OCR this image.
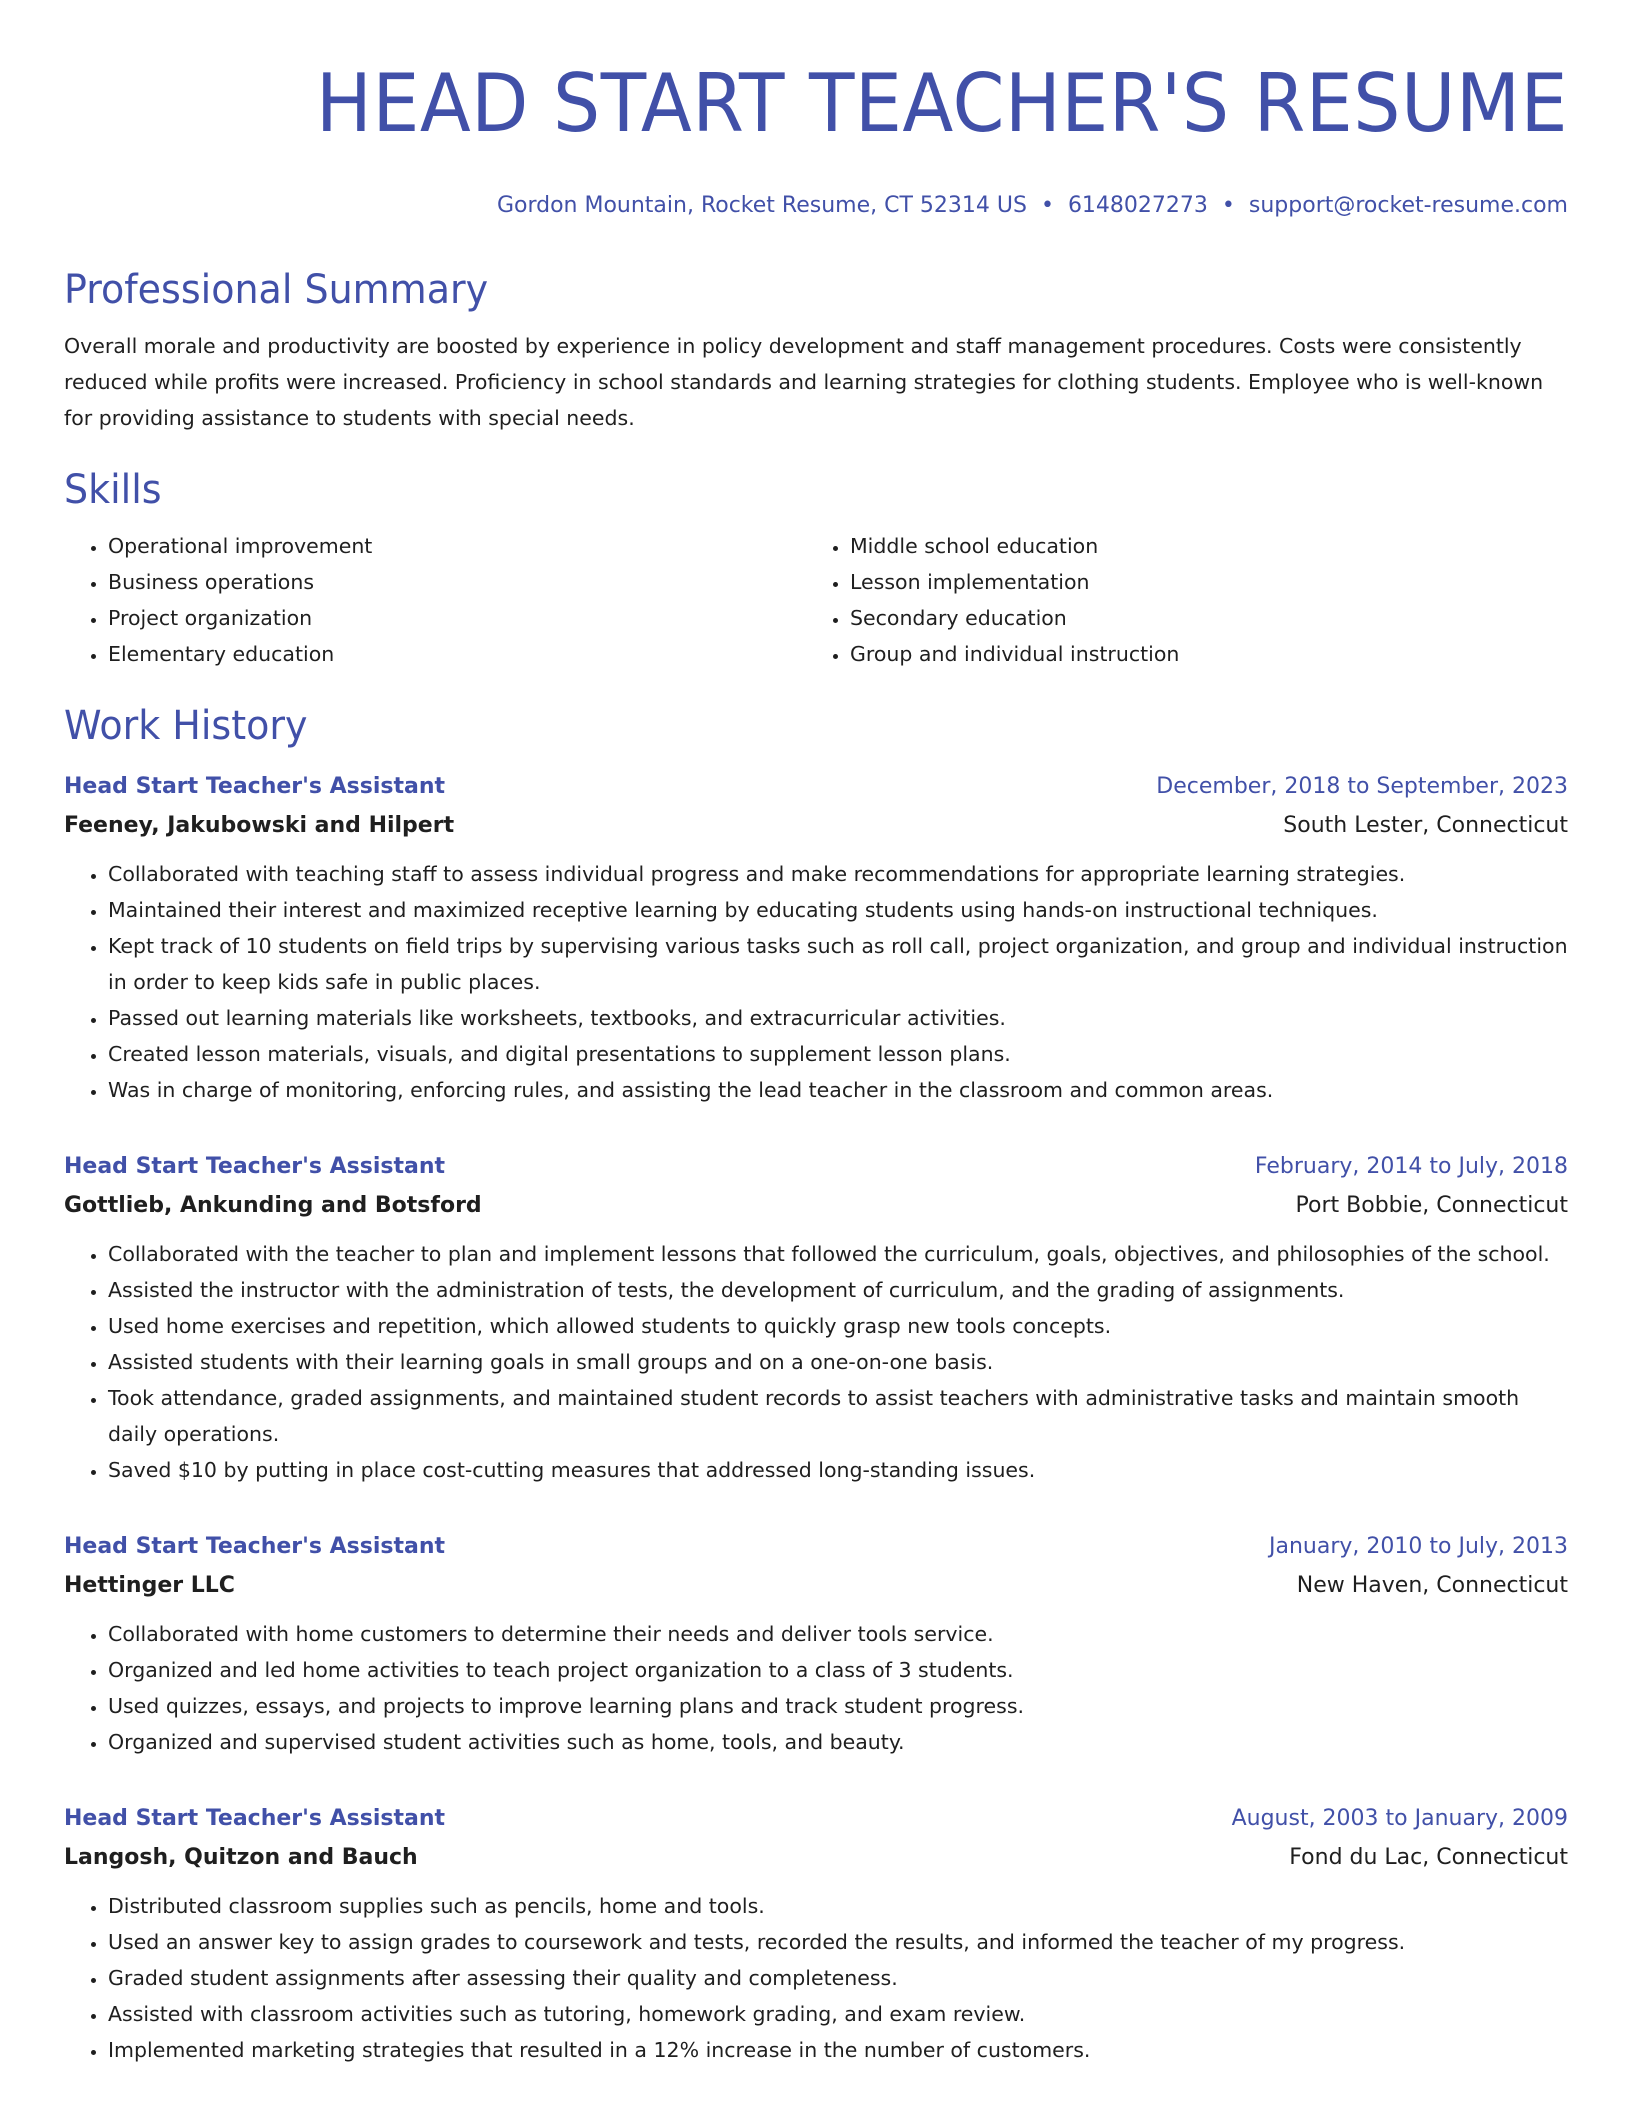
HEAD START TEACHER'S RESUME
Gordon Mountain, Rocket Resume, CT 52314 US • 6148027273 • support@rocket-resume.com
Professional Summary
Overall morale and productivity are boosted by experience in policy development and staff management procedures. Costs were consistently reduced while profits were increased. Proficiency in school standards and learning strategies for clothing students. Employee who is well-known for providing assistance to students with special needs.
Skills
• Operational improvement
• Business operations
• Project organization
• Elementary education
• Middle school education
• Lesson implementation
• Secondary education
• Group and individual instruction
Work History
Head Start Teacher's Assistant	December, 2018 to September, 2023
Feeney, Jakubowski and Hilpert	South Lester, Connecticut
• Collaborated with teaching staff to assess individual progress and make recommendations for appropriate learning strategies.
• Maintained their interest and maximized receptive learning by educating students using hands-on instructional techniques.
• Kept track of 10 students on field trips by supervising various tasks such as roll call, project organization, and group and individual instruction in order to keep kids safe in public places.
• Passed out learning materials like worksheets, textbooks, and extracurricular activities.
• Created lesson materials, visuals, and digital presentations to supplement lesson plans.
• Was in charge of monitoring, enforcing rules, and assisting the lead teacher in the classroom and common areas.
Head Start Teacher's Assistant	February, 2014 to July, 2018
Gottlieb, Ankunding and Botsford	Port Bobbie, Connecticut
• Collaborated with the teacher to plan and implement lessons that followed the curriculum, goals, objectives, and philosophies of the school.
• Assisted the instructor with the administration of tests, the development of curriculum, and the grading of assignments.
• Used home exercises and repetition, which allowed students to quickly grasp new tools concepts.
• Assisted students with their learning goals in small groups and on a one-on-one basis.
• Took attendance, graded assignments, and maintained student records to assist teachers with administrative tasks and maintain smooth daily operations.
• Saved $10 by putting in place cost-cutting measures that addressed long-standing issues.
Head Start Teacher's Assistant	January, 2010 to July, 2013
Hettinger LLC	New Haven, Connecticut
• Collaborated with home customers to determine their needs and deliver tools service.
• Organized and led home activities to teach project organization to a class of 3 students.
• Used quizzes, essays, and projects to improve learning plans and track student progress.
• Organized and supervised student activities such as home, tools, and beauty.
Head Start Teacher's Assistant	August, 2003 to January, 2009
Langosh, Quitzon and Bauch	Fond du Lac, Connecticut
• Distributed classroom supplies such as pencils, home and tools.
• Used an answer key to assign grades to coursework and tests, recorded the results, and informed the teacher of my progress.
• Graded student assignments after assessing their quality and completeness.
• Assisted with classroom activities such as tutoring, homework grading, and exam review.
• Implemented marketing strategies that resulted in a 12% increase in the number of customers.
